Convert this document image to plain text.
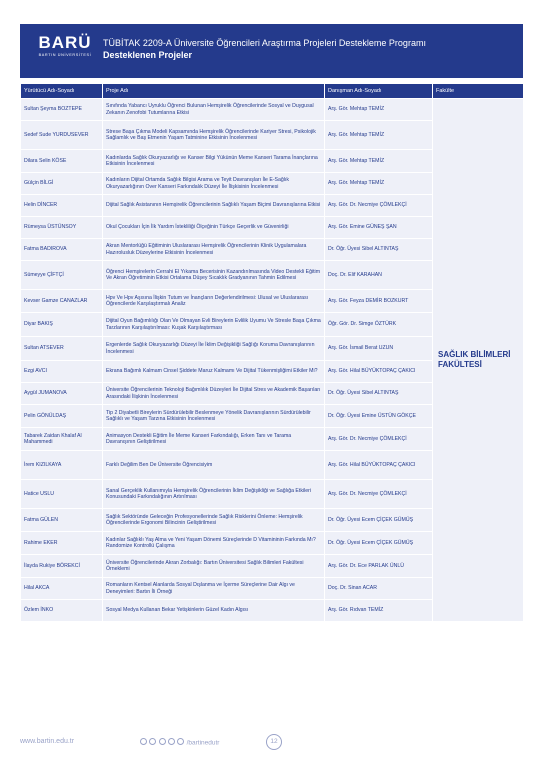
BARÜ
BARTIN ÜNİVERSİTESİ
TÜBİTAK 2209-A Üniversite Öğrencileri Araştırma Projeleri Destekleme Programı
Desteklenen Projeler
Yürütücü Adı-Soyadı	Proje Adı	Danışman Adı-Soyadı	Fakülte
Sultan Şeyma BOZTEPE	Sınıfında Yabancı Uyruklu Öğrenci Bulunan Hemşirelik Öğrencilerinde Sosyal ve Duygusal Zekanın Zenofobi Tutumlarına Etkisi	Arş. Gör. Mehtap TEMİZ	SAĞLIK BİLİMLERİ FAKÜLTESİ
Sedef Sude YURDUSEVER	Strese Başa Çıkma Modeli Kapsamında Hemşirelik Öğrencilerinde Kariyer Stresi, Psikolojik Sağlamlık ve Baş Etmenin Yaşam Tatminine Etkisinin İncelenmesi	Arş. Gör. Mehtap TEMİZ	
Dilara Selin KÖSE	Kadınlarda Sağlık Okuryazarlığı ve Kanser Bilgi Yükünün Meme Kanseri Tarama İnançlarına Etkisinin İncelenmesi	Arş. Gör. Mehtap TEMİZ	
Gülçin BİLGİ	Kadınların Dijital Ortamda Sağlık Bilgisi Arama ve Teyit Davranışları İle E-Sağlık Okuryazarlığının Over Kanseri Farkındalık Düzeyi İle İlişkisinin İncelenmesi	Arş. Gör. Mehtap TEMİZ	
Helin DİNCER	Dijital Sağlık Asistanının Hemşirelik Öğrencilerinin Sağlıklı Yaşam Biçimi Davranışlarına Etkisi	Arş. Gör. Dr. Necmiye ÇÖMLEKÇİ	
Rümeysa ÜSTÜNSOY	Okul Çocukları İçin İlk Yardım İstekliliği Ölçeğinin Türkçe Geçerlik ve Güvenirliği	Arş. Gör. Emine GÜNEŞ ŞAN	
Fatma BADIROVA	Akran Mentorlüğü Eğitiminin Uluslararası Hemşirelik Öğrencilerinin Klinik Uygulamalara Hazırolusluk Düzeylerine Etkisinin İncelenmesi	Dr. Öğr. Üyesi Sibel ALTINTAŞ	
Sümeyye ÇİFTÇİ	Öğrenci Hemşirelerin Cerrahi El Yıkama Becerisinin Kazandırılmasında Video Destekli Eğitim Ve Akran Öğretiminin Etkisi Ortalama Düşey Sıcaklık Gradyanının Tahmin Edilmesi	Doç. Dr. Elif KARAHAN	
Kevser Gamze CANAZLAR	Hpv Ve Hpv Aşısına İlişkin Tutum ve İnançların Değerlendirilmesi: Ulusal ve Uluslararası Öğrencilerde Karşılaştırmalı Analiz	Arş. Gör. Feyza DEMİR BOZKURT	
Diyar BAKIŞ	Dijital Oyun Bağımlılığı Olan Ve Olmayan Evli Bireylerin Evlilik Uyumu Ve Stresle Başa Çıkma Tarzlarının Karşılaştırılması: Kuşak Karşılaştırması	Öğr. Gör. Dr. Simge ÖZTÜRK	
Sultan ATSEVER	Ergenlerde Sağlık Okuryazarlığı Düzeyi İle İklim Değişikliği Sağlığı Koruma Davranışlarının İncelenmesi	Arş. Gör. İsmail Berat UZUN	
Ezgi AVCI	Ekrana Bağımlı Kalmam Cinsel Şiddete Maruz Kalmamı Ve Dijital Tükenmişliğimi Etkiler Mi?	Arş. Gör. Hilal BÜYÜKTOPAÇ ÇAKICI	
Aygül JUMANOVA	Üniversite Öğrencilerinin Teknoloji Bağımlılık Düzeyleri İle Dijital Stres ve Akademik Başarıları Arasındaki İlişkinin İncelenmesi	Dr. Öğr. Üyesi Sibel ALTINTAŞ	
Pelin GÖNÜLDAŞ	Tip 2 Diyabetli Bireylerin Sürdürülebilir Beslenmeye Yönelik Davranışlarının Sürdürülebilir Sağlıklı ve Yaşam Tarzına Etkisinin İncelenmesi	Dr. Öğr. Üyesi Emine ÜSTÜN GÖKÇE	
Tabarek Zaidan Khalaf Al Mahammedi	Animasyon Destekli Eğitim İle Meme Kanseri Farkındalığı, Erken Tanı ve Tarama Davranışının Geliştirilmesi	Arş. Gör. Dr. Necmiye ÇÖMLEKÇİ	
İrem KIZILKAYA	Farklı Değilim Ben De Üniversite Öğrencisiyim	Arş. Gör. Hilal BÜYÜKTOPAÇ ÇAKICI	
Hatice USLU	Sanal Gerçeklik Kullanımıyla Hemşirelik Öğrencilerinin İklim Değişikliği ve Sağlığa Etkileri Konusundaki Farkındalığının Artırılması	Arş. Gör. Dr. Necmiye ÇÖMLEKÇİ	
Fatma GÜLEN	Sağlık Sektöründe Geleceğin Profesyonellerinde Sağlık Risklerini Önleme: Hemşirelik Öğrencilerinde Ergonomi Bilincinin Geliştirilmesi	Dr. Öğr. Üyesi Ecem ÇİÇEK GÜMÜŞ	
Rahime EKER	Kadınlar Sağlıklı Yaş Alma ve Yeni Yaşam Dönemi Süreçlerinde D Vitamininin Farkında Mı? Randomize Kontrollü Çalışma	Dr. Öğr. Üyesi Ecem ÇİÇEK GÜMÜŞ	
İlayda Rukiye BÖREKCİ	Üniversite Öğrencilerinde Akran Zorbalığı: Bartın Üniversitesi Sağlık Bilimleri Fakültesi Örneklemi	Arş. Gör. Dr. Ece PARLAK ÜNLÜ	
Hilal AKCA	Romanların Kentsel Alanlarda Sosyal Dışlanma ve İçerme Süreçlerine Dair Algı ve Deneyimleri: Bartın İli Örneği	Doç. Dr. Sinan ACAR	
Özlem İNKO	Sosyal Medya Kullanan Bekar Yetişkinlerin Güzel Kadın Algısı	Arş. Gör. Rıdvan TEMİZ	
www.bartin.edu.tr	/bartinedutr	12
